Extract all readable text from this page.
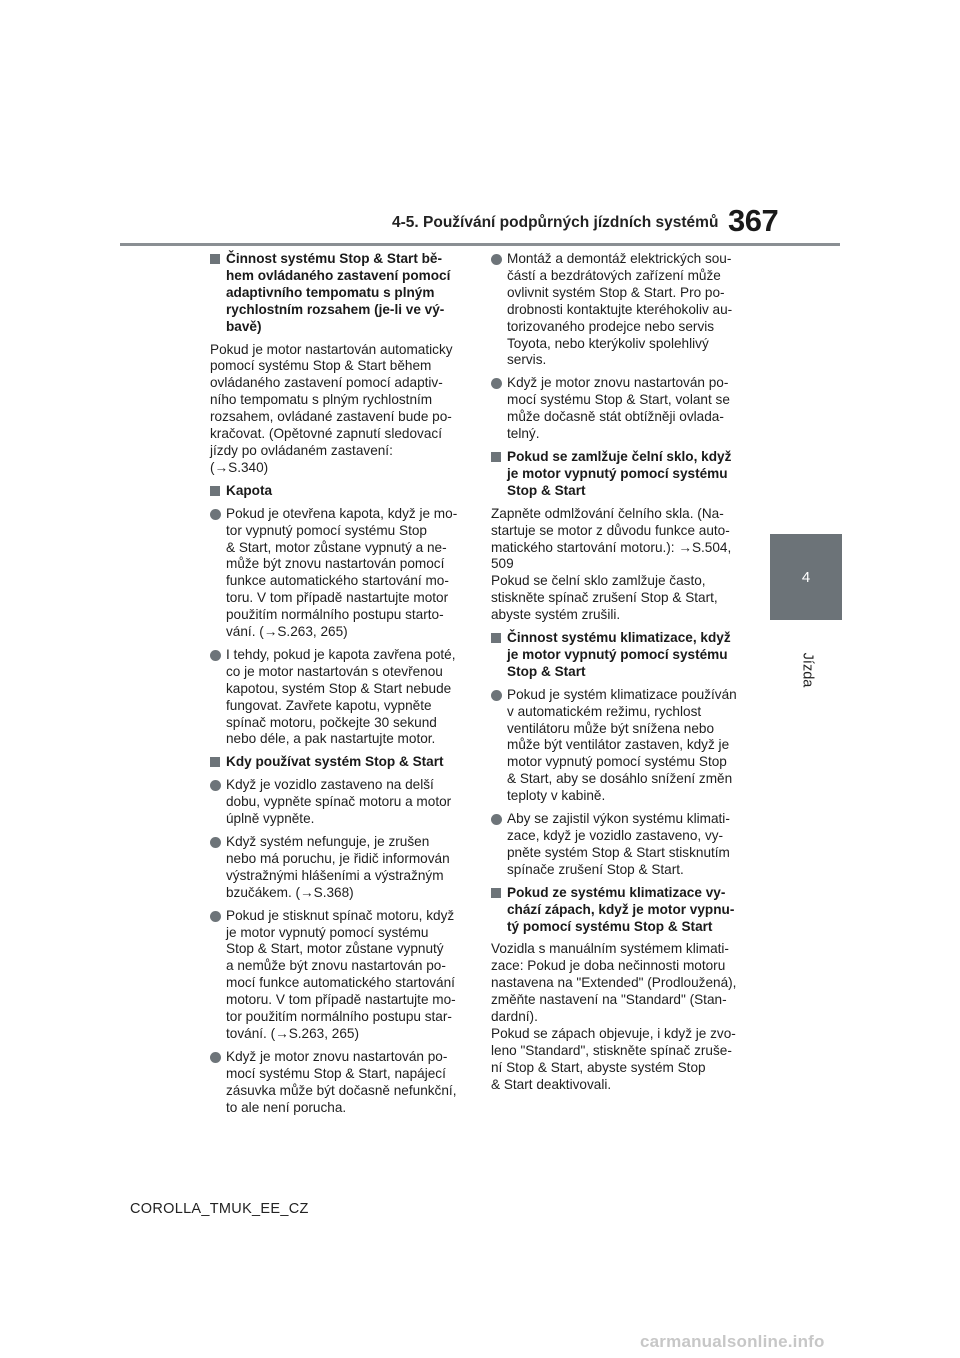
4-5. Používání podpůrných jízdních systémů 367
4
Jízda
Činnost systému Stop & Start bě-
hem ovládaného zastavení pomocí
adaptivního tempomatu s plným
rychlostním rozsahem (je-li ve vý-
bavě)
Pokud je motor nastartován automaticky
pomocí systému Stop & Start během
ovládaného zastavení pomocí adaptiv-
ního tempomatu s plným rychlostním
rozsahem, ovládané zastavení bude po-
kračovat. (Opětovné zapnutí sledovací
jízdy po ovládaném zastavení:
(→S.340)
Kapota
Pokud je otevřena kapota, když je mo-
tor vypnutý pomocí systému Stop
& Start, motor zůstane vypnutý a ne-
může být znovu nastartován pomocí
funkce automatického startování mo-
toru. V tom případě nastartujte motor
použitím normálního postupu starto-
vání. (→S.263, 265)
I tehdy, pokud je kapota zavřena poté,
co je motor nastartován s otevřenou
kapotou, systém Stop & Start nebude
fungovat. Zavřete kapotu, vypněte
spínač motoru, počkejte 30 sekund
nebo déle, a pak nastartujte motor.
Kdy používat systém Stop & Start
Když je vozidlo zastaveno na delší
dobu, vypněte spínač motoru a motor
úplně vypněte.
Když systém nefunguje, je zrušen
nebo má poruchu, je řidič informován
výstražnými hlášeními a výstražným
bzučákem. (→S.368)
Pokud je stisknut spínač motoru, když
je motor vypnutý pomocí systému
Stop & Start, motor zůstane vypnutý
a nemůže být znovu nastartován po-
mocí funkce automatického startování
motoru. V tom případě nastartujte mo-
tor použitím normálního postupu star-
tování. (→S.263, 265)
Když je motor znovu nastartován po-
mocí systému Stop & Start, napájecí
zásuvka může být dočasně nefunkční,
to ale není porucha.
Montáž a demontáž elektrických sou-
částí a bezdrátových zařízení může
ovlivnit systém Stop & Start. Pro po-
drobnosti kontaktujte kteréhokoliv au-
torizovaného prodejce nebo servis
Toyota, nebo kterýkoliv spolehlivý
servis.
Když je motor znovu nastartován po-
mocí systému Stop & Start, volant se
může dočasně stát obtížněji ovlada-
telný.
Pokud se zamlžuje čelní sklo, když
je motor vypnutý pomocí systému
Stop & Start
Zapněte odmlžování čelního skla. (Na-
startuje se motor z důvodu funkce auto-
matického startování motoru.): →S.504,
509
Pokud se čelní sklo zamlžuje často,
stiskněte spínač zrušení Stop & Start,
abyste systém zrušili.
Činnost systému klimatizace, když
je motor vypnutý pomocí systému
Stop & Start
Pokud je systém klimatizace používán
v automatickém režimu, rychlost
ventilátoru může být snížena nebo
může být ventilátor zastaven, když je
motor vypnutý pomocí systému Stop
& Start, aby se dosáhlo snížení změn
teploty v kabině.
Aby se zajistil výkon systému klimati-
zace, když je vozidlo zastaveno, vy-
pněte systém Stop & Start stisknutím
spínače zrušení Stop & Start.
Pokud ze systému klimatizace vy-
chází zápach, když je motor vypnu-
tý pomocí systému Stop & Start
Vozidla s manuálním systémem klimati-
zace: Pokud je doba nečinnosti motoru
nastavena na "Extended" (Prodloužená),
změňte nastavení na "Standard" (Stan-
dardní).
Pokud se zápach objevuje, i když je zvo-
leno "Standard", stiskněte spínač zruše-
ní Stop & Start, abyste systém Stop
& Start deaktivovali.
COROLLA_TMUK_EE_CZ
carmanualsonline.info
